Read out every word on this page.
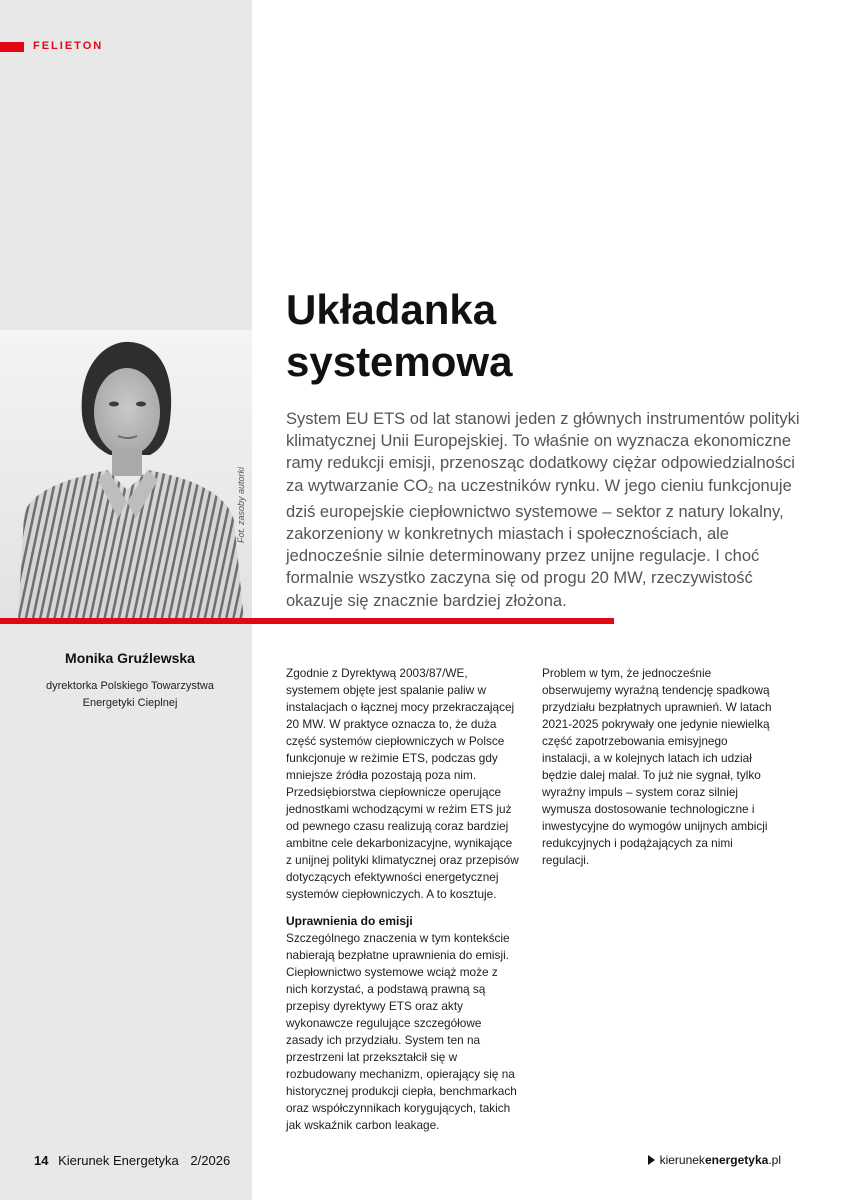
FELIETON
Fot. zasoby autorki
Monika Gruźlewska
dyrektorka Polskiego Towarzystwa Energetyki Cieplnej
Układanka
systemowa

System EU ETS od lat stanowi jeden z głównych instrumentów polityki klimatycznej Unii Europejskiej. To właśnie on wyznacza ekonomiczne ramy redukcji emisji, przenosząc dodatkowy ciężar odpowiedzialności za wytwarzanie $CO_2$ na uczestników rynku. W jego cieniu funkcjonuje dziś europejskie ciepłownictwo systemowe – sektor z natury lokalny, zakorzeniony w konkretnych miastach i społecznościach, ale jednocześnie silnie determinowany przez unijne regulacje. I choć formalnie wszystko zaczyna się od progu 20 MW, rzeczywistość okazuje się znacznie bardziej złożona.

Zgodnie z Dyrektywą 2003/87/WE, systemem objęte jest spalanie paliw w instalacjach o łącznej mocy przekraczającej 20 MW. W praktyce oznacza to, że duża część systemów ciepłowniczych w Polsce funkcjonuje w reżimie ETS, podczas gdy mniejsze źródła pozostają poza nim. Przedsiębiorstwa ciepłownicze operujące jednostkami wchodzącymi w reżim ETS już od pewnego czasu realizują coraz bardziej ambitne cele dekarbonizacyjne, wynikające z unijnej polityki klimatycznej oraz przepisów dotyczących efektywności energetycznej systemów ciepłowniczych. A to kosztuje.

Uprawnienia do emisji

Szczególnego znaczenia w tym kontekście nabierają bezpłatne uprawnienia do emisji. Ciepłownictwo systemowe wciąż może z nich korzystać, a podstawą prawną są przepisy dyrektywy ETS oraz akty wykonawcze regulujące szczegółowe zasady ich przydziału. System ten na przestrzeni lat przekształcił się w rozbudowany mechanizm, opierający się na historycznej produkcji ciepła, benchmarkach oraz współczynnikach korygujących, takich jak wskaźnik carbon leakage.

Problem w tym, że jednocześnie obserwujemy wyraźną tendencję spadkową przydziału bezpłatnych uprawnień. W latach 2021-2025 pokrywały one jedynie niewielką część zapotrzebowania emisyjnego instalacji, a w kolejnych latach ich udział będzie dalej malał. To już nie sygnał, tylko wyraźny impuls – system coraz silniej wymusza dostosowanie technologiczne i inwestycyjne do wymogów unijnych ambicji redukcyjnych i podążających za nimi regulacji.

14 Kierunek Energetyka 2/2026	kierunek energetyka .pl
